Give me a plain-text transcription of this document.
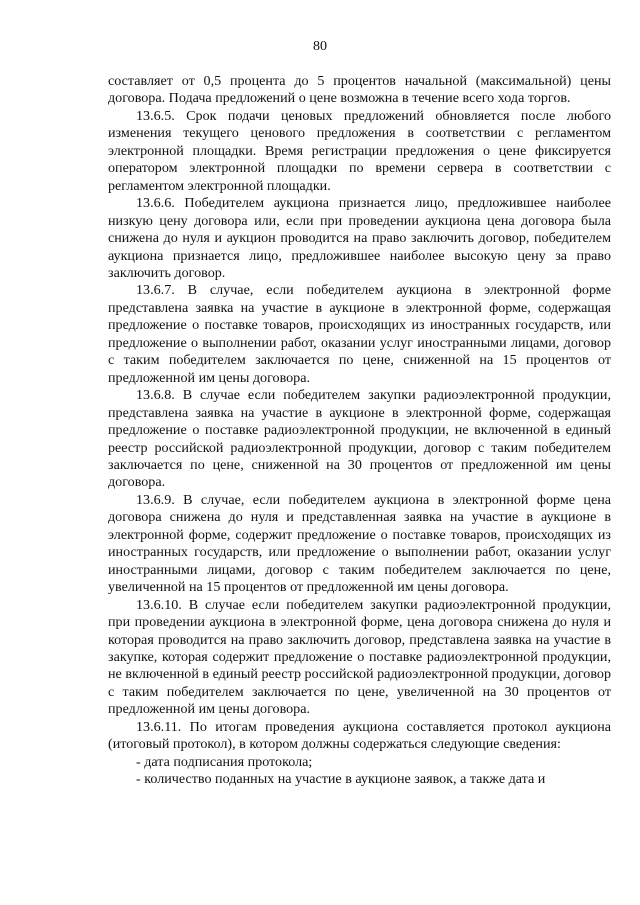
80

составляет от 0,5 процента до 5 процентов начальной (максимальной) цены договора. Подача предложений о цене возможна в течение всего хода торгов.

13.6.5. Срок подачи ценовых предложений обновляется после любого изменения текущего ценового предложения в соответствии с регламентом электронной площадки. Время регистрации предложения о цене фиксируется оператором электронной площадки по времени сервера в соответствии с регламентом электронной площадки.

13.6.6. Победителем аукциона признается лицо, предложившее наиболее низкую цену договора или, если при проведении аукциона цена договора была снижена до нуля и аукцион проводится на право заключить договор, победителем аукциона признается лицо, предложившее наиболее высокую цену за право заключить договор.

13.6.7. В случае, если победителем аукциона в электронной форме представлена заявка на участие в аукционе в электронной форме, содержащая предложение о поставке товаров, происходящих из иностранных государств, или предложение о выполнении работ, оказании услуг иностранными лицами, договор с таким победителем заключается по цене, сниженной на 15 процентов от предложенной им цены договора.

13.6.8. В случае если победителем закупки радиоэлектронной продукции, представлена заявка на участие в аукционе в электронной форме, содержащая предложение о поставке радиоэлектронной продукции, не включенной в единый реестр российской радиоэлектронной продукции, договор с таким победителем заключается по цене, сниженной на 30 процентов от предложенной им цены договора.

13.6.9. В случае, если победителем аукциона в электронной форме цена договора снижена до нуля и представленная заявка на участие в аукционе в электронной форме, содержит предложение о поставке товаров, происходящих из иностранных государств, или предложение о выполнении работ, оказании услуг иностранными лицами, договор с таким победителем заключается по цене, увеличенной на 15 процентов от предложенной им цены договора.

13.6.10. В случае если победителем закупки радиоэлектронной продукции, при проведении аукциона в электронной форме, цена договора снижена до нуля и которая проводится на право заключить договор, представлена заявка на участие в закупке, которая содержит предложение о поставке радиоэлектронной продукции, не включенной в единый реестр российской радиоэлектронной продукции, договор с таким победителем заключается по цене, увеличенной на 30 процентов от предложенной им цены договора.

13.6.11. По итогам проведения аукциона составляется протокол аукциона (итоговый протокол), в котором должны содержаться следующие сведения:

- дата подписания протокола;

- количество поданных на участие в аукционе заявок, а также дата и
